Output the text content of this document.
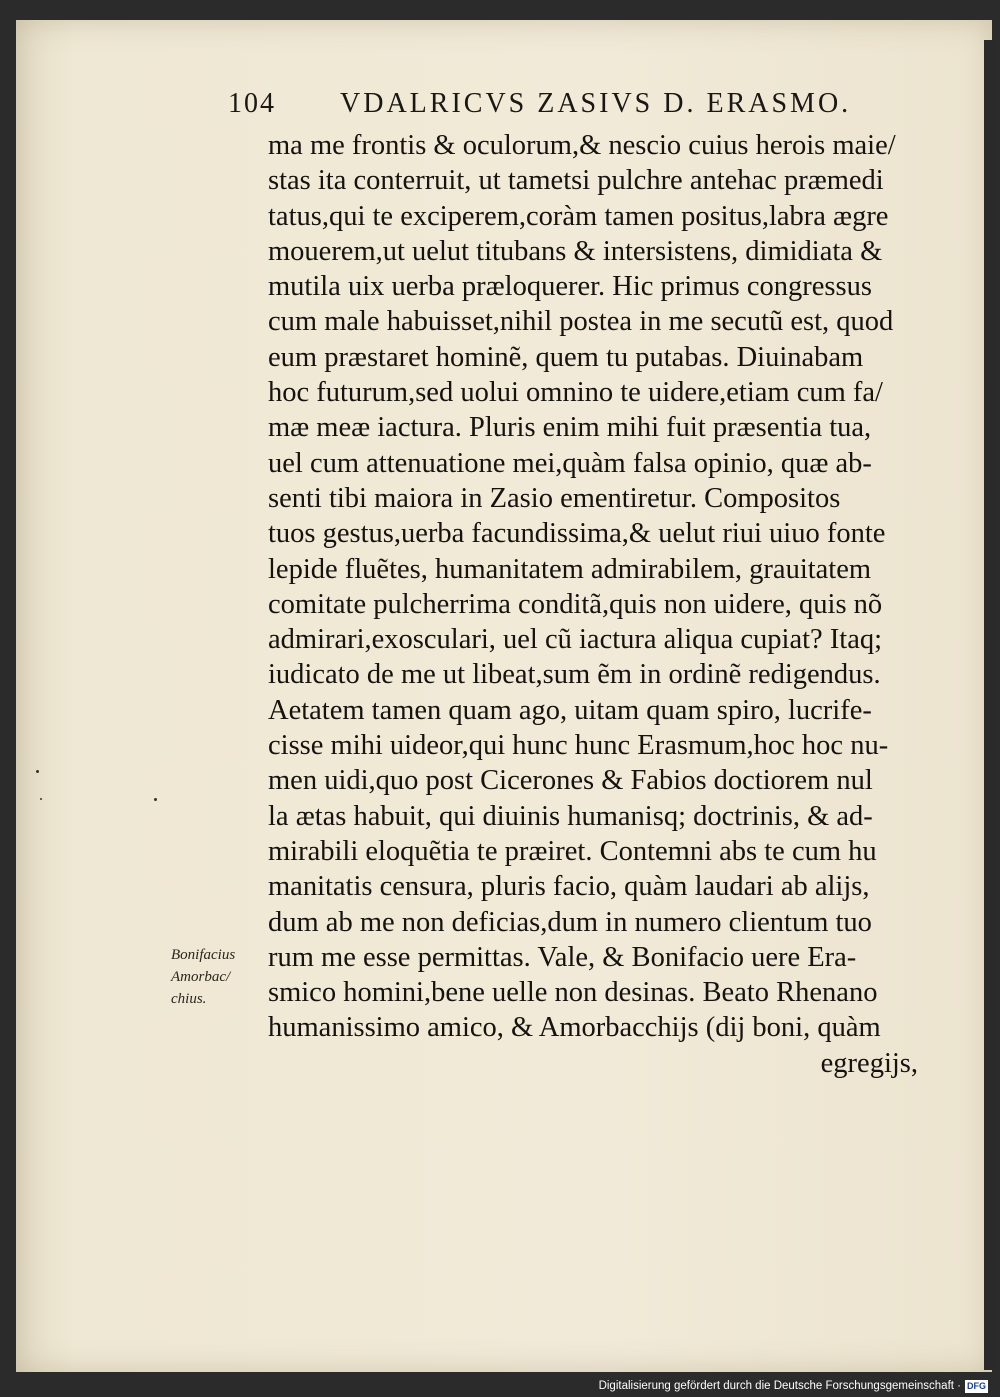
104 VDALRICVS ZASIVS D. ERASMO.
ma me frontis & oculorum,& nescio cuius herois maie/
stas ita conterruit, ut tametsi pulchre antehac præmedi
tatus,qui te exciperem,coràm tamen positus,labra ægre
mouerem,ut uelut titubans & intersistens, dimidiata &
mutila uix uerba præloquerer. Hic primus congressus
cum male habuisset,nihil postea in me secutũ est, quod
eum præstaret hominẽ, quem tu putabas. Diuinabam
hoc futurum,sed uolui omnino te uidere,etiam cum fa/
mæ meæ iactura. Pluris enim mihi fuit præsentia tua,
uel cum attenuatione mei,quàm falsa opinio, quæ ab-
senti tibi maiora in Zasio ementiretur. Compositos
tuos gestus,uerba facundissima,& uelut riui uiuo fonte
lepide fluẽtes, humanitatem admirabilem, grauitatem
comitate pulcherrima conditã,quis non uidere, quis nõ
admirari,exosculari, uel cũ iactura aliqua cupiat? Itaq;
iudicato de me ut libeat,sum ẽm in ordinẽ redigendus.
Aetatem tamen quam ago, uitam quam spiro, lucrife-
cisse mihi uideor,qui hunc hunc Erasmum,hoc hoc nu-
men uidi,quo post Cicerones & Fabios doctiorem nul
la ætas habuit, qui diuinis humanisq; doctrinis, & ad-
mirabili eloquẽtia te præiret. Contemni abs te cum hu
manitatis censura, pluris facio, quàm laudari ab alijs,
dum ab me non deficias,dum in numero clientum tuo
rum me esse permittas. Vale, & Bonifacio uere Era-
smico homini,bene uelle non desinas. Beato Rhenano
humanissimo amico, & Amorbacchijs (dij boni, quàm
egregijs,
Bonifacius
Amorbac/
chius.
Digitalisierung gefördert durch die Deutsche Forschungsgemeinschaft · DFG
